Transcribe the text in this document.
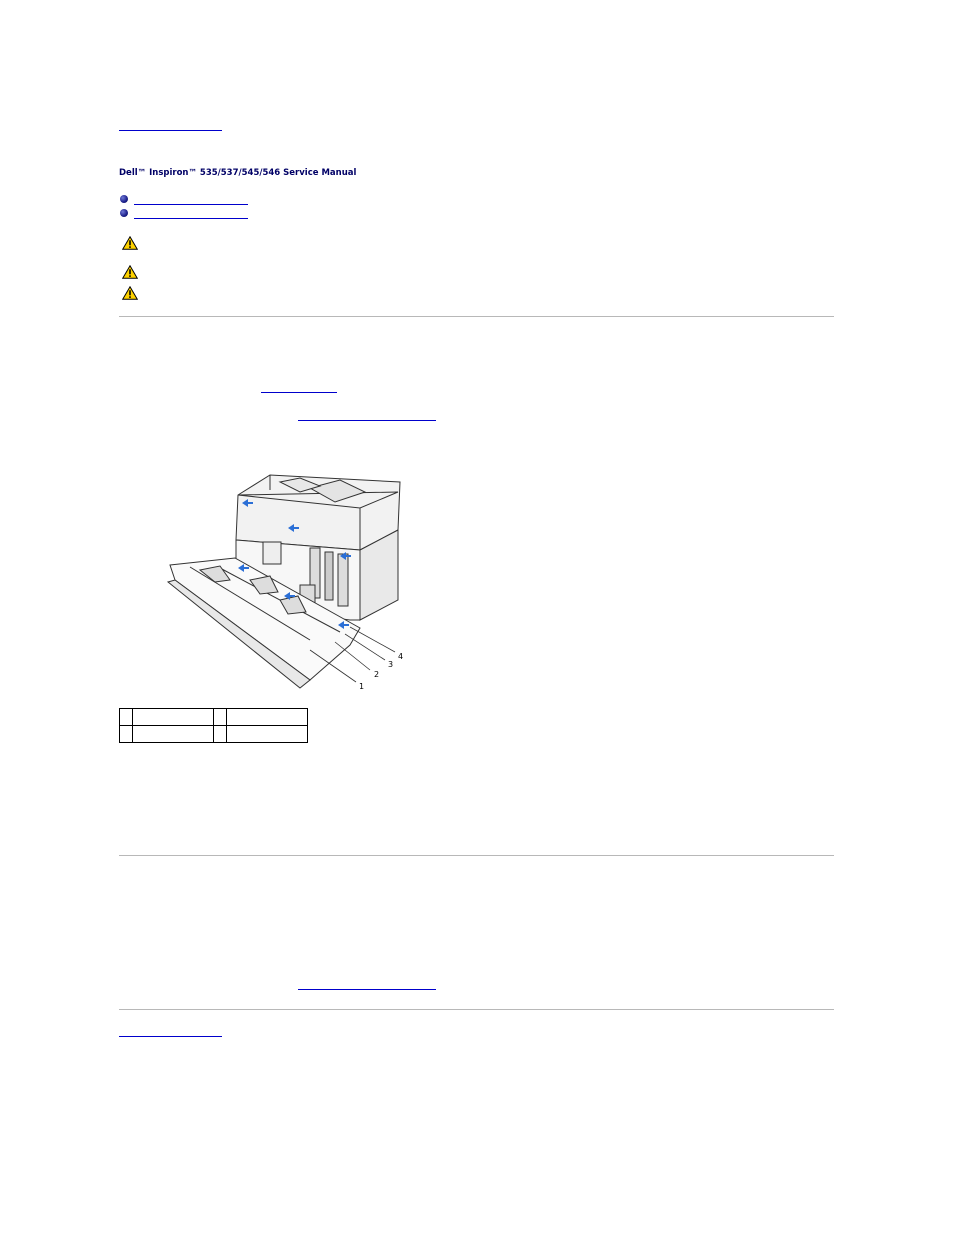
Dell™ Inspiron™ 535/537/545/546 Service Manual
1
2
3
4
